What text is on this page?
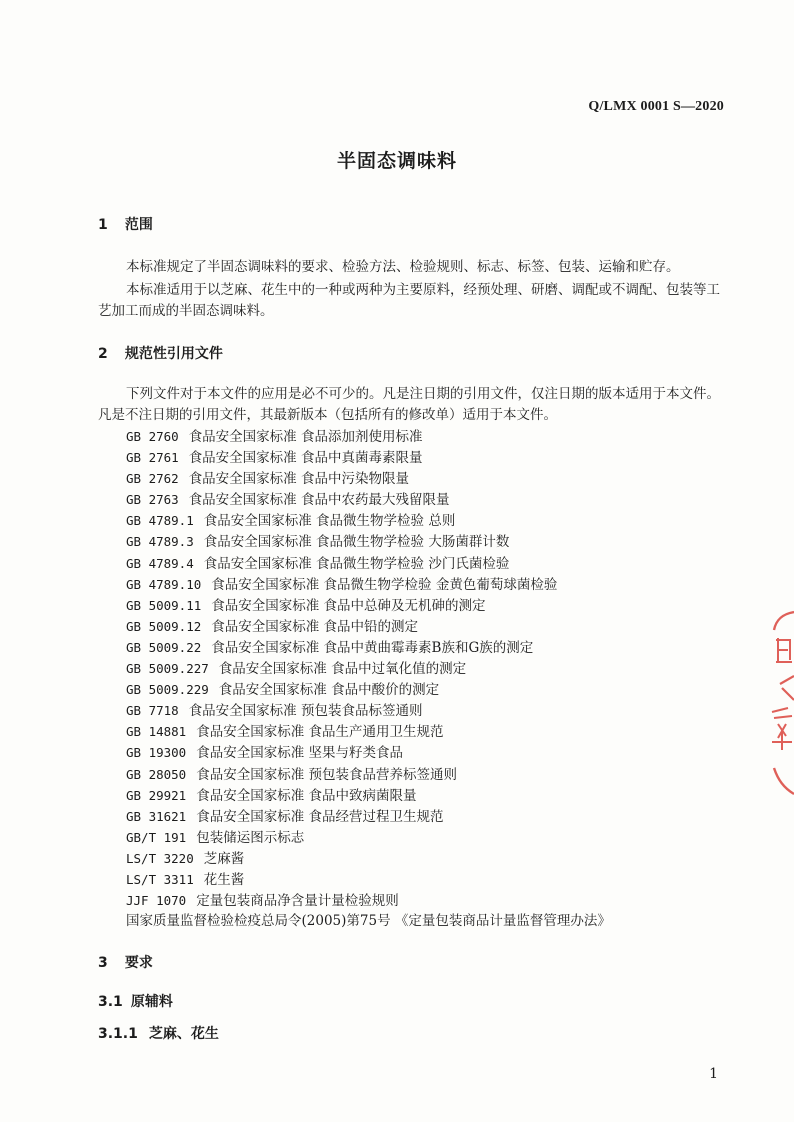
Q/LMX 0001 S—2020
半固态调味料
1 范围
本标准规定了半固态调味料的要求、检验方法、检验规则、标志、标签、包装、运输和贮存。
本标准适用于以芝麻、花生中的一种或两种为主要原料，经预处理、研磨、调配或不调配、包装等工艺加工而成的半固态调味料。
2 规范性引用文件
下列文件对于本文件的应用是必不可少的。凡是注日期的引用文件，仅注日期的版本适用于本文件。凡是不注日期的引用文件，其最新版本（包括所有的修改单）适用于本文件。
GB 2760 食品安全国家标准 食品添加剂使用标准
GB 2761 食品安全国家标准 食品中真菌毒素限量
GB 2762 食品安全国家标准 食品中污染物限量
GB 2763 食品安全国家标准 食品中农药最大残留限量
GB 4789.1 食品安全国家标准 食品微生物学检验 总则
GB 4789.3 食品安全国家标准 食品微生物学检验 大肠菌群计数
GB 4789.4 食品安全国家标准 食品微生物学检验 沙门氏菌检验
GB 4789.10 食品安全国家标准 食品微生物学检验 金黄色葡萄球菌检验
GB 5009.11 食品安全国家标准 食品中总砷及无机砷的测定
GB 5009.12 食品安全国家标准 食品中铅的测定
GB 5009.22 食品安全国家标准 食品中黄曲霉毒素B族和G族的测定
GB 5009.227 食品安全国家标准 食品中过氧化值的测定
GB 5009.229 食品安全国家标准 食品中酸价的测定
GB 7718 食品安全国家标准 预包装食品标签通则
GB 14881 食品安全国家标准 食品生产通用卫生规范
GB 19300 食品安全国家标准 坚果与籽类食品
GB 28050 食品安全国家标准 预包装食品营养标签通则
GB 29921 食品安全国家标准 食品中致病菌限量
GB 31621 食品安全国家标准 食品经营过程卫生规范
GB/T 191 包装储运图示标志
LS/T 3220 芝麻酱
LS/T 3311 花生酱
JJF 1070 定量包装商品净含量计量检验规则
国家质量监督检验检疫总局令(2005)第75号 《定量包装商品计量监督管理办法》
3 要求
3.1 原辅料
3.1.1 芝麻、花生
1
